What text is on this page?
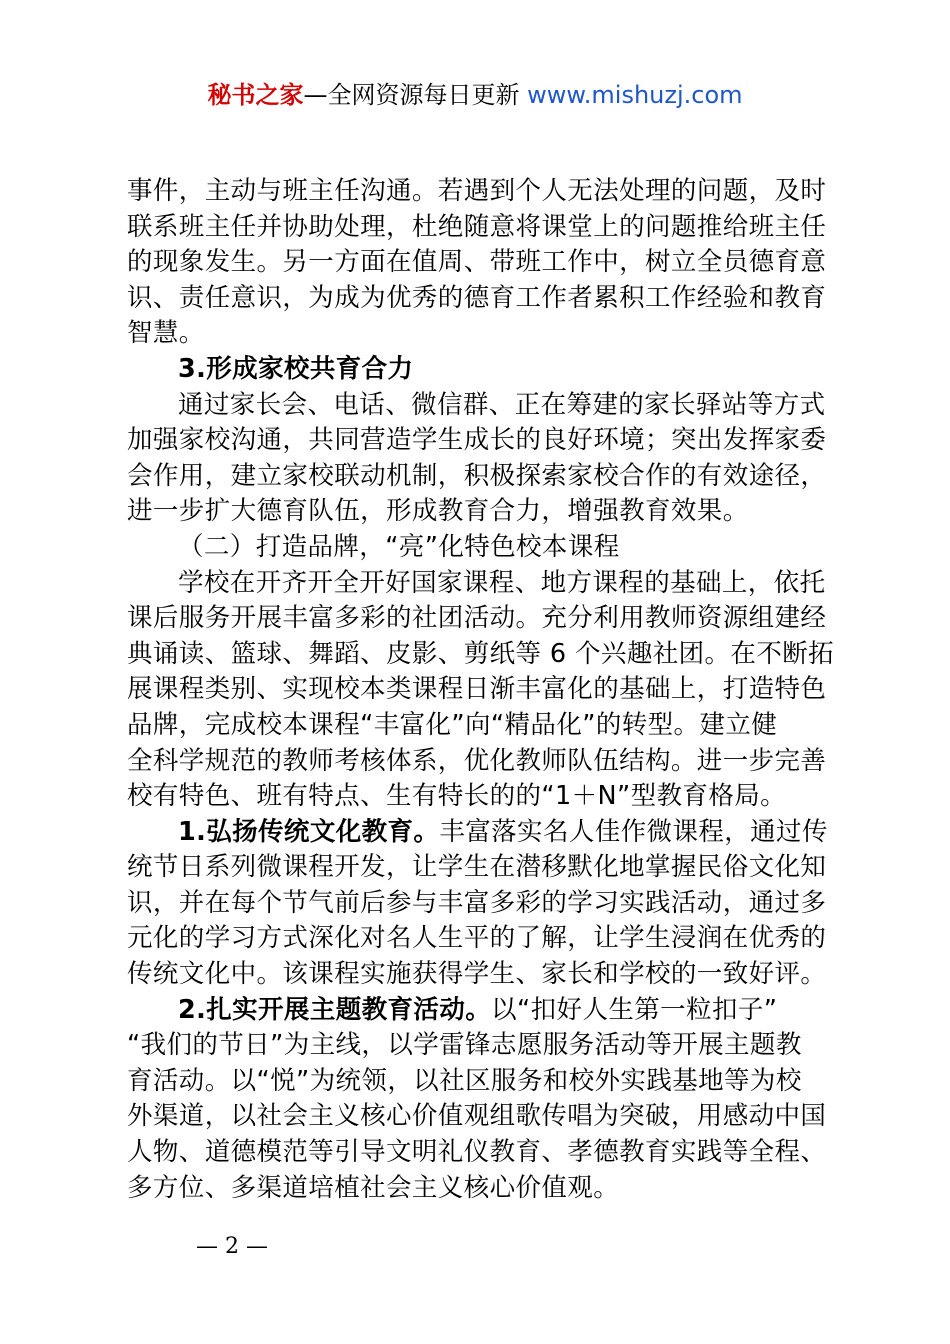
秘书之家—全网资源每日更新 www.mishuzj.com
事件，主动与班主任沟通。若遇到个人无法处理的问题，及时
联系班主任并协助处理，杜绝随意将课堂上的问题推给班主任
的现象发生。另一方面在值周、带班工作中，树立全员德育意
识、责任意识，为成为优秀的德育工作者累积工作经验和教育
智慧。
3.形成家校共育合力
通过家长会、电话、微信群、正在筹建的家长驿站等方式
加强家校沟通，共同营造学生成长的良好环境；突出发挥家委
会作用，建立家校联动机制，积极探索家校合作的有效途径，
进一步扩大德育队伍，形成教育合力，增强教育效果。
（二）打造品牌，“亮”化特色校本课程
学校在开齐开全开好国家课程、地方课程的基础上，依托
课后服务开展丰富多彩的社团活动。充分利用教师资源组建经
典诵读、篮球、舞蹈、皮影、剪纸等 6 个兴趣社团。在不断拓
展课程类别、实现校本类课程日渐丰富化的基础上，打造特色
品牌，完成校本课程“丰富化”向“精品化”的转型。建立健
全科学规范的教师考核体系，优化教师队伍结构。进一步完善
校有特色、班有特点、生有特长的的“1＋N”型教育格局。
1.弘扬传统文化教育。丰富落实名人佳作微课程，通过传
统节日系列微课程开发，让学生在潜移默化地掌握民俗文化知
识，并在每个节气前后参与丰富多彩的学习实践活动，通过多
元化的学习方式深化对名人生平的了解，让学生浸润在优秀的
传统文化中。该课程实施获得学生、家长和学校的一致好评。
2.扎实开展主题教育活动。以“扣好人生第一粒扣子”
“我们的节日”为主线，以学雷锋志愿服务活动等开展主题教
育活动。以“悦”为统领，以社区服务和校外实践基地等为校
外渠道，以社会主义核心价值观组歌传唱为突破，用感动中国
人物、道德模范等引导文明礼仪教育、孝德教育实践等全程、
多方位、多渠道培植社会主义核心价值观。
— 2 —
